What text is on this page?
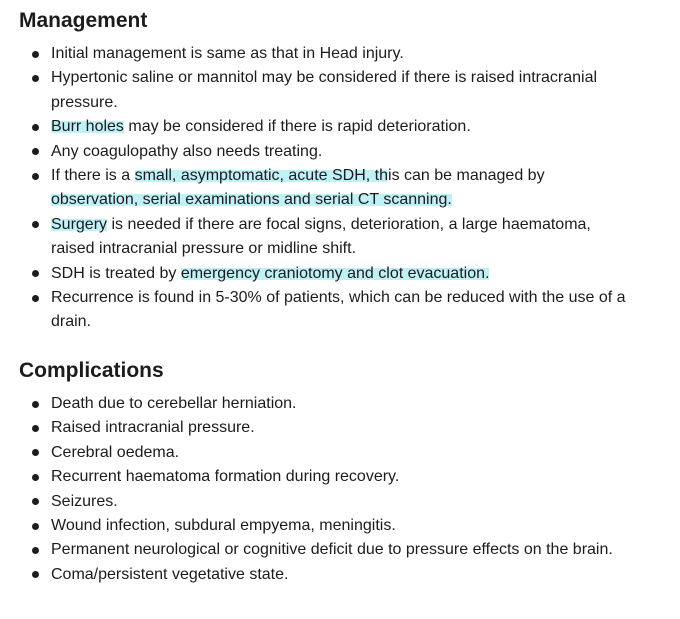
Management
Initial management is same as that in Head injury.
Hypertonic saline or mannitol may be considered if there is raised intracranial
pressure.
Burr holes may be considered if there is rapid deterioration.
Any coagulopathy also needs treating.
If there is a small, asymptomatic, acute SDH, this can be managed by
observation, serial examinations and serial CT scanning.
Surgery is needed if there are focal signs, deterioration, a large haematoma,
raised intracranial pressure or midline shift.
SDH is treated by emergency craniotomy and clot evacuation.
Recurrence is found in 5-30% of patients, which can be reduced with the use of a
drain.
Complications
Death due to cerebellar herniation.
Raised intracranial pressure.
Cerebral oedema.
Recurrent haematoma formation during recovery.
Seizures.
Wound infection, subdural empyema, meningitis.
Permanent neurological or cognitive deficit due to pressure effects on the brain.
Coma/persistent vegetative state.
